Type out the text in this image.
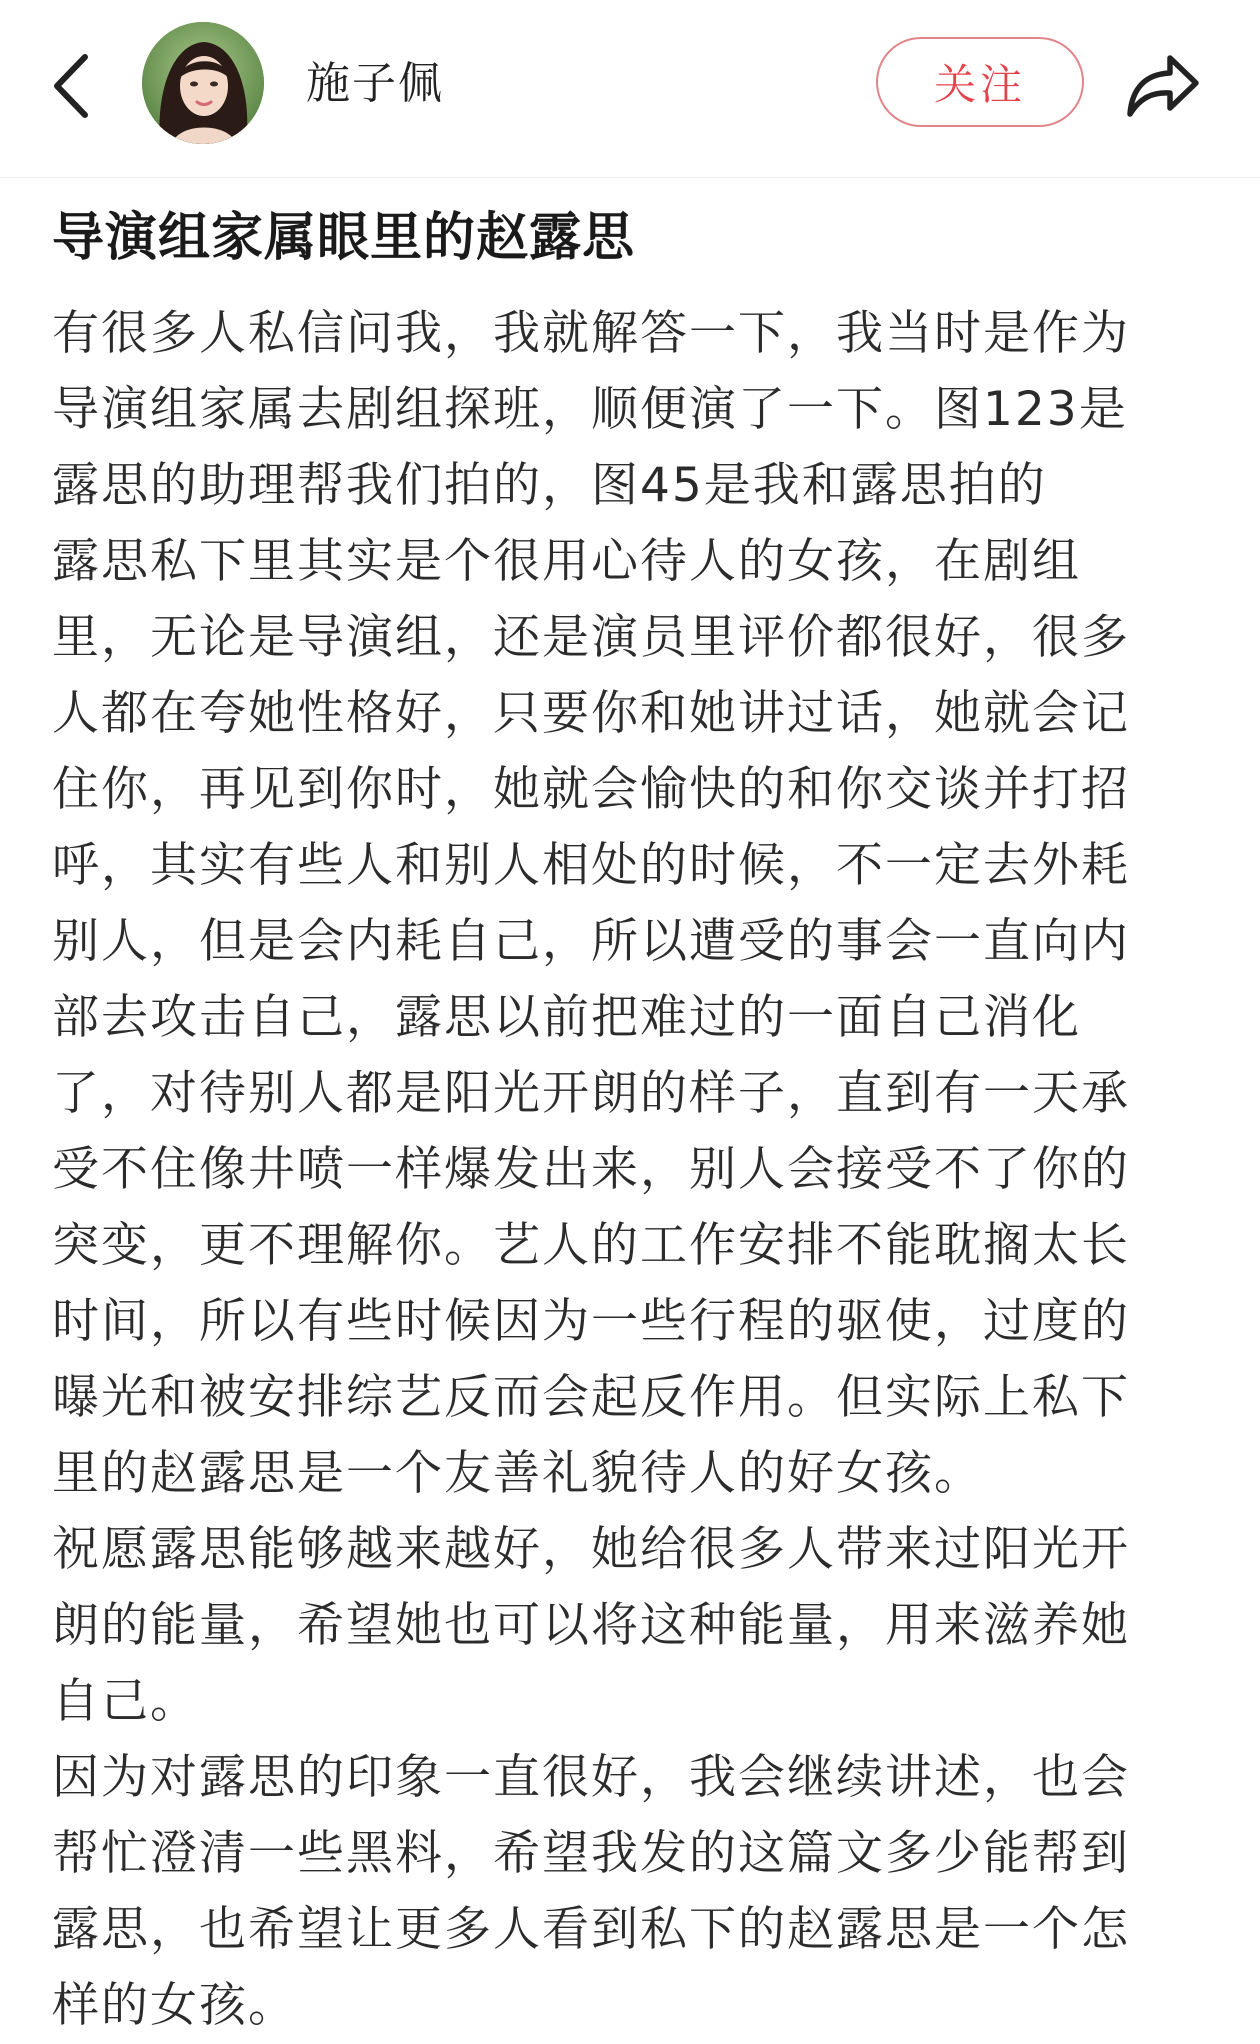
施子佩	关注
导演组家属眼里的赵露思

有很多人私信问我，我就解答一下，我当时是作为
导演组家属去剧组探班，顺便演了一下。图123是
露思的助理帮我们拍的，图45是我和露思拍的
露思私下里其实是个很用心待人的女孩，在剧组
里，无论是导演组，还是演员里评价都很好，很多
人都在夸她性格好，只要你和她讲过话，她就会记
住你，再见到你时，她就会愉快的和你交谈并打招
呼，其实有些人和别人相处的时候，不一定去外耗
别人，但是会内耗自己，所以遭受的事会一直向内
部去攻击自己，露思以前把难过的一面自己消化
了，对待别人都是阳光开朗的样子，直到有一天承
受不住像井喷一样爆发出来，别人会接受不了你的
突变，更不理解你。艺人的工作安排不能耽搁太长
时间，所以有些时候因为一些行程的驱使，过度的
曝光和被安排综艺反而会起反作用。但实际上私下
里的赵露思是一个友善礼貌待人的好女孩。
祝愿露思能够越来越好，她给很多人带来过阳光开
朗的能量，希望她也可以将这种能量，用来滋养她
自己。
因为对露思的印象一直很好，我会继续讲述，也会
帮忙澄清一些黑料，希望我发的这篇文多少能帮到
露思，也希望让更多人看到私下的赵露思是一个怎
样的女孩。
